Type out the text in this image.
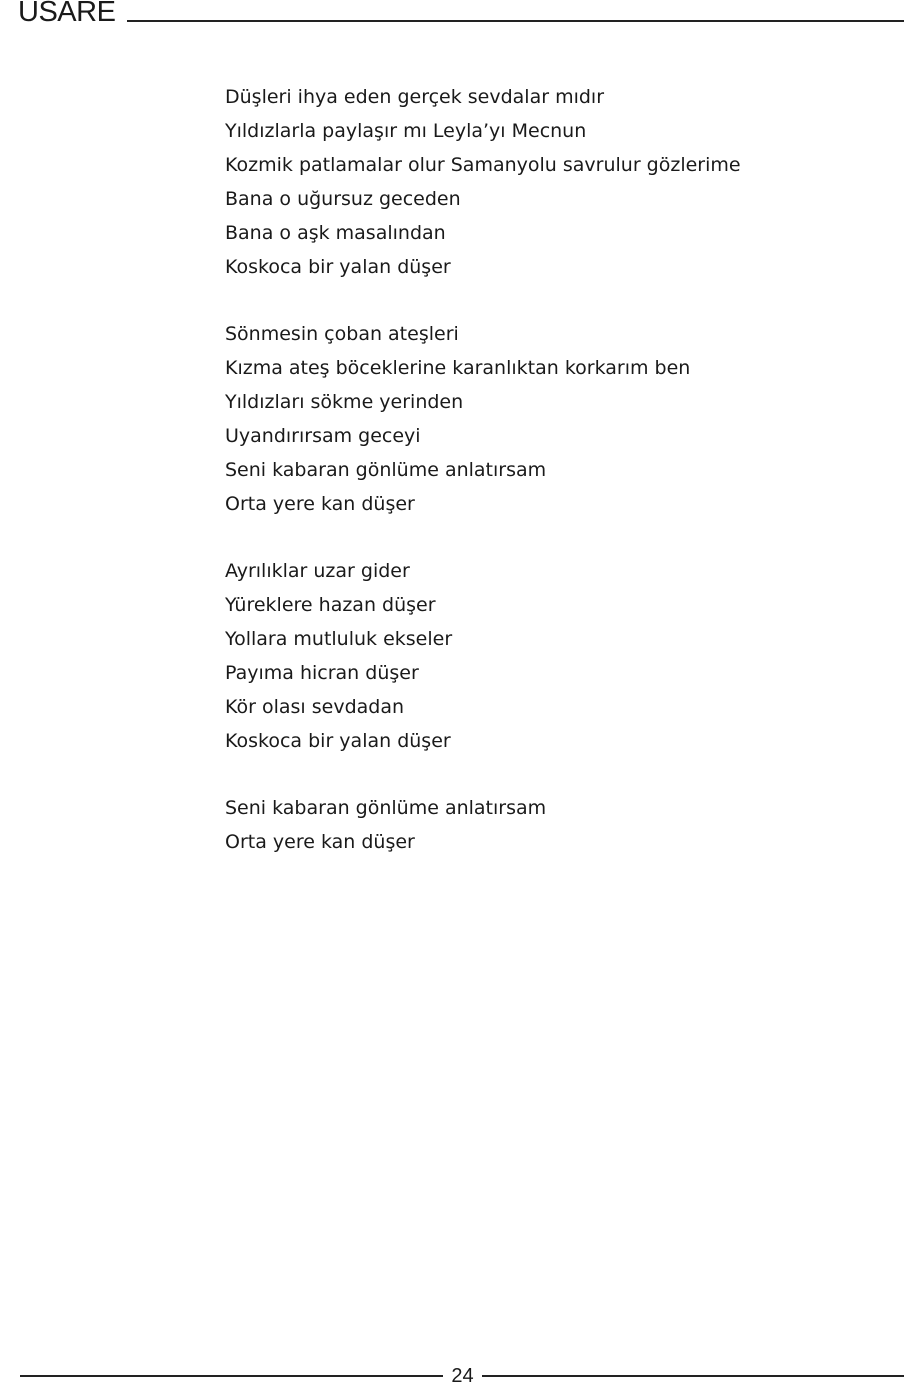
USARE
Düşleri ihya eden gerçek sevdalar mıdır
Yıldızlarla paylaşır mı Leyla’yı Mecnun
Kozmik patlamalar olur Samanyolu savrulur gözlerime
Bana o uğursuz geceden
Bana o aşk masalından
Koskoca bir yalan düşer
Sönmesin çoban ateşleri
Kızma ateş böceklerine karanlıktan korkarım ben
Yıldızları sökme yerinden
Uyandırırsam geceyi
Seni kabaran gönlüme anlatırsam
Orta yere kan düşer
Ayrılıklar uzar gider
Yüreklere hazan düşer
Yollara mutluluk ekseler
Payıma hicran düşer
Kör olası sevdadan
Koskoca bir yalan düşer
Seni kabaran gönlüme anlatırsam
Orta yere kan düşer
24
